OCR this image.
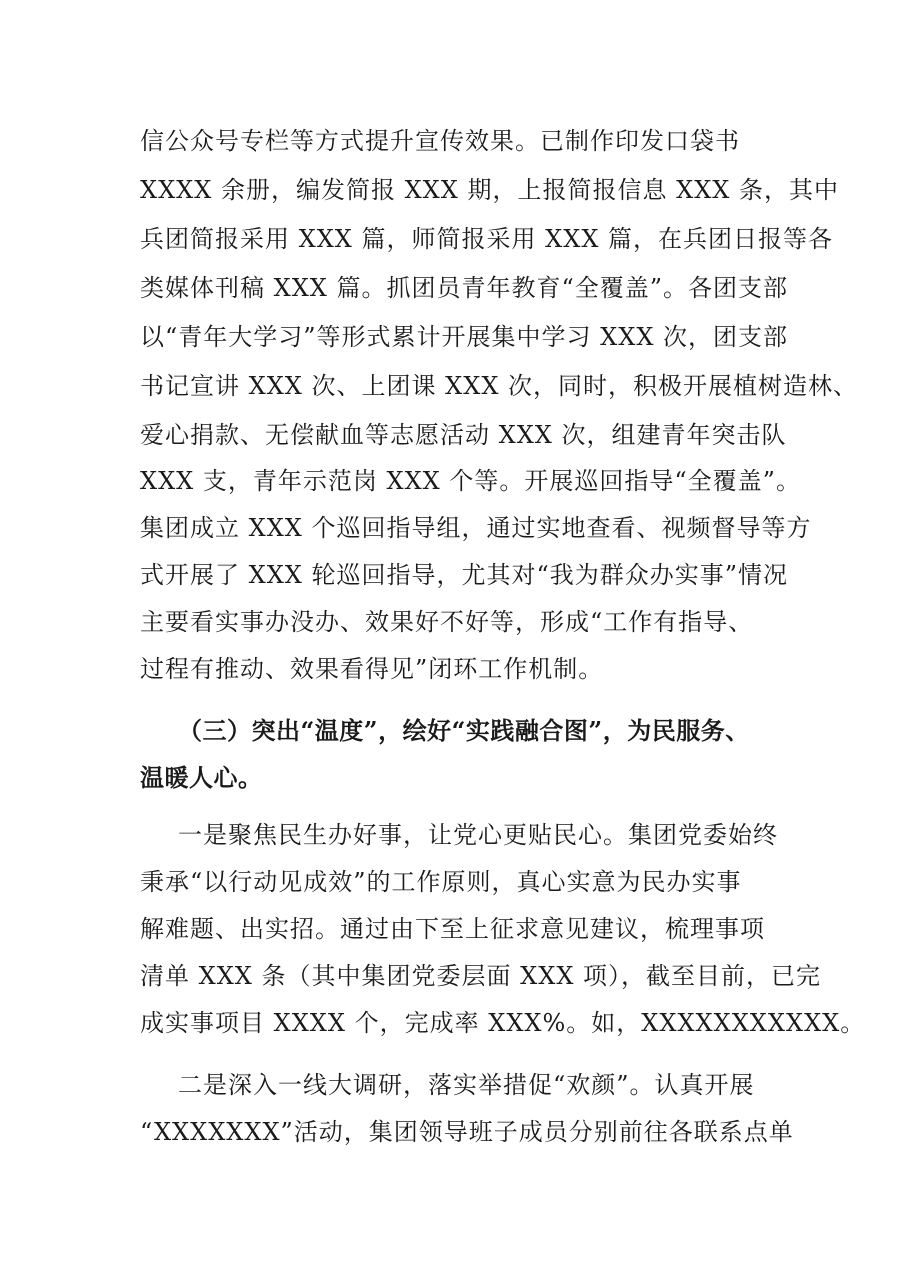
信公众号专栏等方式提升宣传效果。已制作印发口袋书
XXXX 余册，编发简报 XXX 期，上报简报信息 XXX 条，其中
兵团简报采用 XXX 篇，师简报采用 XXX 篇，在兵团日报等各
类媒体刊稿 XXX 篇。抓团员青年教育“全覆盖”。各团支部
以“青年大学习”等形式累计开展集中学习 XXX 次，团支部
书记宣讲 XXX 次、上团课 XXX 次，同时，积极开展植树造林、
爱心捐款、无偿献血等志愿活动 XXX 次，组建青年突击队
XXX 支，青年示范岗 XXX 个等。开展巡回指导“全覆盖”。
集团成立 XXX 个巡回指导组，通过实地查看、视频督导等方
式开展了 XXX 轮巡回指导，尤其对“我为群众办实事”情况
主要看实事办没办、效果好不好等，形成“工作有指导、
过程有推动、效果看得见”闭环工作机制。
（三）突出“温度”，绘好“实践融合图”，为民服务、
温暖人心。
一是聚焦民生办好事，让党心更贴民心。集团党委始终
秉承“以行动见成效”的工作原则，真心实意为民办实事
解难题、出实招。通过由下至上征求意见建议，梳理事项
清单 XXX 条（其中集团党委层面 XXX 项），截至目前，已完
成实事项目 XXXX 个，完成率 XXX%。如，XXXXXXXXXXX。
二是深入一线大调研，落实举措促“欢颜”。认真开展
“XXXXXXX”活动，集团领导班子成员分别前往各联系点单
